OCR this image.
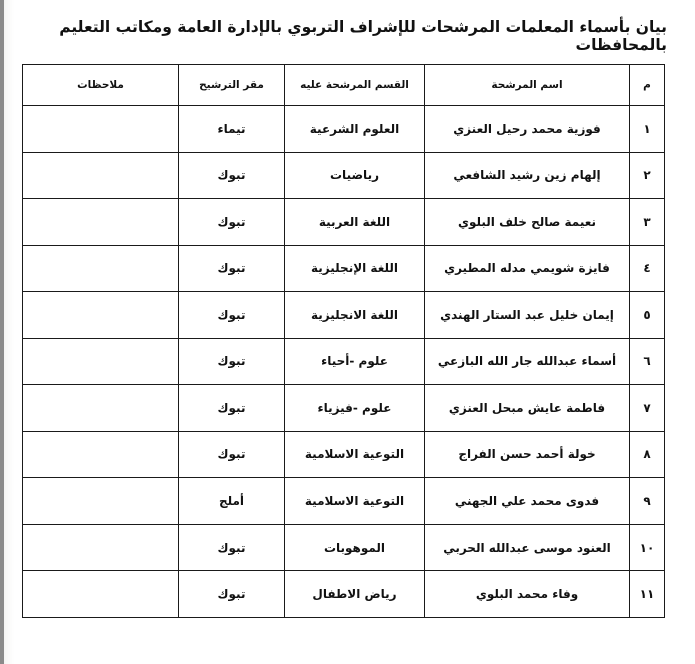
بيان بأسماء المعلمات المرشحات للإشراف التربوي بالإدارة العامة ومكاتب التعليم بالمحافظات
م	اسم المرشحة	القسم المرشحة عليه	مقر الترشيح	ملاحظات
١	فوزية محمد رحيل العنزي	العلوم الشرعية	تيماء	
٢	إلهام زين رشيد الشافعي	رياضيات	تبوك	
٣	نعيمة صالح خلف البلوي	اللغة العربية	تبوك	
٤	فايزة شويمي مدله المطيري	اللغة الإنجليزية	تبوك	
٥	إيمان خليل عبد الستار الهندي	اللغة الانجليزية	تبوك	
٦	أسماء عبدالله جار الله البازعي	علوم -أحياء	تبوك	
٧	فاطمة عايش مبحل العنزي	علوم -فيزياء	تبوك	
٨	خولة أحمد حسن الفراج	التوعية الاسلامية	تبوك	
٩	فدوى محمد علي الجهني	التوعية الاسلامية	أملج	
١٠	العنود موسى عبدالله الحربي	الموهوبات	تبوك	
١١	وفاء محمد البلوي	رياض الاطفال	تبوك	
